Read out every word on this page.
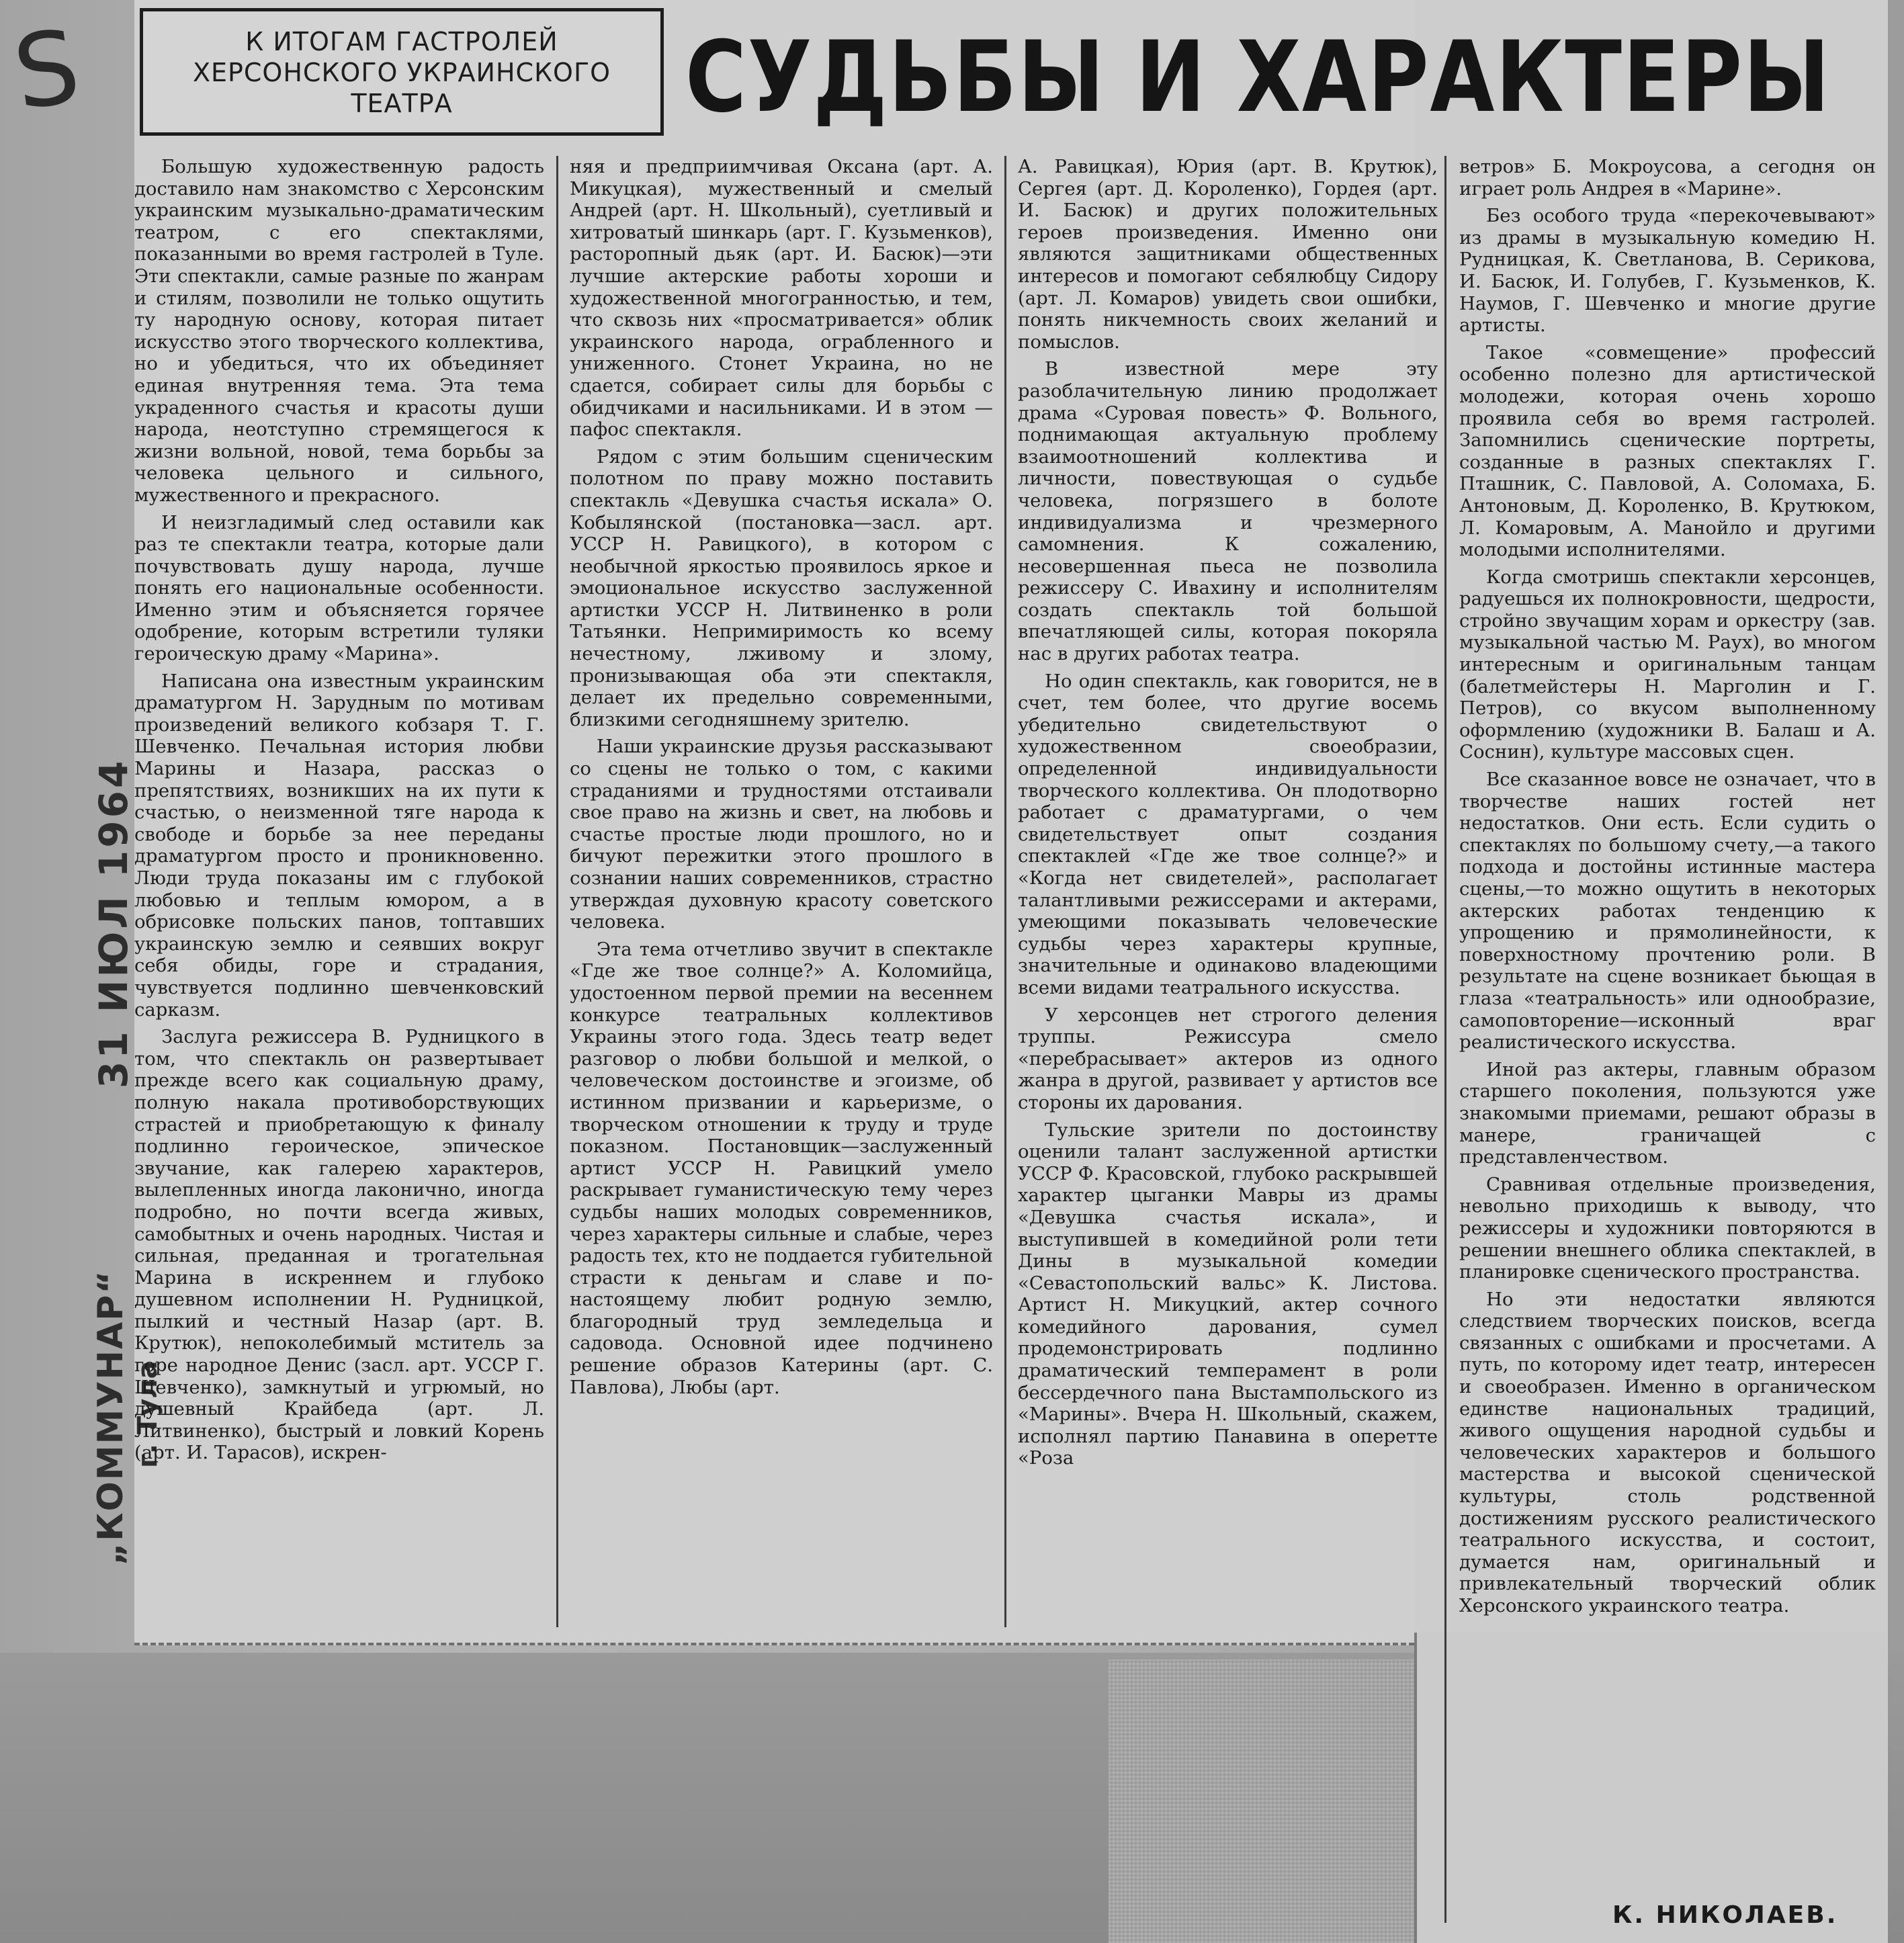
S
„КОММУНАР“ г. Тула
31 ИЮЛ 1964
К ИТОГАМ ГАСТРОЛЕЙ
ХЕРСОНСКОГО УКРАИНСКОГО
ТЕАТРА	СУДЬБЫ И ХАРАКТЕРЫ

Большую художественную радость доставило нам знакомство с Херсонским украинским музыкально-драматическим театром, с его спектаклями, показанными во время гастролей в Туле. Эти спектакли, самые разные по жанрам и стилям, позволили не только ощутить ту народную основу, которая питает искусство этого творческого коллектива, но и убедиться, что их объединяет единая внутренняя тема. Эта тема украденного счастья и красоты души народа, неотступно стремящегося к жизни вольной, новой, тема борьбы за человека цельного и сильного, мужественного и прекрасного.

И неизгладимый след оставили как раз те спектакли театра, которые дали почувствовать душу народа, лучше понять его национальные особенности. Именно этим и объясняется горячее одобрение, которым встретили туляки героическую драму «Марина».

Написана она известным украинским драматургом Н. Зарудным по мотивам произведений великого кобзаря Т. Г. Шевченко. Печальная история любви Марины и Назара, рассказ о препятствиях, возникших на их пути к счастью, о неизменной тяге народа к свободе и борьбе за нее переданы драматургом просто и проникновенно. Люди труда показаны им с глубокой любовью и теплым юмором, а в обрисовке польских панов, топтавших украинскую землю и сеявших вокруг себя обиды, горе и страдания, чувствуется подлинно шевченковский сарказм.

Заслуга режиссера В. Рудницкого в том, что спектакль он развертывает прежде всего как социальную драму, полную накала противоборствующих страстей и приобретающую к финалу подлинно героическое, эпическое звучание, как галерею характеров, вылепленных иногда лаконично, иногда подробно, но почти всегда живых, самобытных и очень народных. Чистая и сильная, преданная и трогательная Марина в искреннем и глубоко душевном исполнении Н. Рудницкой, пылкий и честный Назар (арт. В. Крутюк), непоколебимый мститель за горе народное Денис (засл. арт. УССР Г. Шевченко), замкнутый и угрюмый, но душевный Крайбеда (арт. Л. Литвиненко), быстрый и ловкий Корень (арт. И. Тарасов), искрен-

няя и предприимчивая Оксана (арт. А. Микуцкая), мужественный и смелый Андрей (арт. Н. Школьный), суетливый и хитроватый шинкарь (арт. Г. Кузьменков), расторопный дьяк (арт. И. Басюк)—эти лучшие актерские работы хороши и художественной многогранностью, и тем, что сквозь них «просматривается» облик украинского народа, ограбленного и униженного. Стонет Украина, но не сдается, собирает силы для борьбы с обидчиками и насильниками. И в этом — пафос спектакля.

Рядом с этим большим сценическим полотном по праву можно поставить спектакль «Девушка счастья искала» О. Кобылянской (постановка—засл. арт. УССР Н. Равицкого), в котором с необычной яркостью проявилось яркое и эмоциональное искусство заслуженной артистки УССР Н. Литвиненко в роли Татьянки. Непримиримость ко всему нечестному, лживому и злому, пронизывающая оба эти спектакля, делает их предельно современными, близкими сегодняшнему зрителю.

Наши украинские друзья рассказывают со сцены не только о том, с какими страданиями и трудностями отстаивали свое право на жизнь и свет, на любовь и счастье простые люди прошлого, но и бичуют пережитки этого прошлого в сознании наших современников, страстно утверждая духовную красоту советского человека.

Эта тема отчетливо звучит в спектакле «Где же твое солнце?» А. Коломийца, удостоенном первой премии на весеннем конкурсе театральных коллективов Украины этого года. Здесь театр ведет разговор о любви большой и мелкой, о человеческом достоинстве и эгоизме, об истинном призвании и карьеризме, о творческом отношении к труду и труде показном. Постановщик—заслуженный артист УССР Н. Равицкий умело раскрывает гуманистическую тему через судьбы наших молодых современников, через характеры сильные и слабые, через радость тех, кто не поддается губительной страсти к деньгам и славе и по-настоящему любит родную землю, благородный труд земледельца и садовода. Основной идее подчинено решение образов Катерины (арт. С. Павлова), Любы (арт.

А. Равицкая), Юрия (арт. В. Крутюк), Сергея (арт. Д. Короленко), Гордея (арт. И. Басюк) и других положительных героев произведения. Именно они являются защитниками общественных интересов и помогают себялюбцу Сидору (арт. Л. Комаров) увидеть свои ошибки, понять никчемность своих желаний и помыслов.

В известной мере эту разоблачительную линию продолжает драма «Суровая повесть» Ф. Вольного, поднимающая актуальную проблему взаимоотношений коллектива и личности, повествующая о судьбе человека, погрязшего в болоте индивидуализма и чрезмерного самомнения. К сожалению, несовершенная пьеса не позволила режиссеру С. Ивахину и исполнителям создать спектакль той большой впечатляющей силы, которая покоряла нас в других работах театра.

Но один спектакль, как говорится, не в счет, тем более, что другие восемь убедительно свидетельствуют о художественном своеобразии, определенной индивидуальности творческого коллектива. Он плодотворно работает с драматургами, о чем свидетельствует опыт создания спектаклей «Где же твое солнце?» и «Когда нет свидетелей», располагает талантливыми режиссерами и актерами, умеющими показывать человеческие судьбы через характеры крупные, значительные и одинаково владеющими всеми видами театрального искусства.

У херсонцев нет строгого деления труппы. Режиссура смело «перебрасывает» актеров из одного жанра в другой, развивает у артистов все стороны их дарования.

Тульские зрители по достоинству оценили талант заслуженной артистки УССР Ф. Красовской, глубоко раскрывшей характер цыганки Мавры из драмы «Девушка счастья искала», и выступившей в комедийной роли тети Дины в музыкальной комедии «Севастопольский вальс» К. Листова. Артист Н. Микуцкий, актер сочного комедийного дарования, сумел продемонстрировать подлинно драматический темперамент в роли бессердечного пана Выстампольского из «Марины». Вчера Н. Школьный, скажем, исполнял партию Панавина в оперетте «Роза

ветров» Б. Мокроусова, а сегодня он играет роль Андрея в «Марине».

Без особого труда «перекочевывают» из драмы в музыкальную комедию Н. Рудницкая, К. Светланова, В. Серикова, И. Басюк, И. Голубев, Г. Кузьменков, К. Наумов, Г. Шевченко и многие другие артисты.

Такое «совмещение» профессий особенно полезно для артистической молодежи, которая очень хорошо проявила себя во время гастролей. Запомнились сценические портреты, созданные в разных спектаклях Г. Пташник, С. Павловой, А. Соломаха, Б. Антоновым, Д. Короленко, В. Крутюком, Л. Комаровым, А. Манойло и другими молодыми исполнителями.

Когда смотришь спектакли херсонцев, радуешься их полнокровности, щедрости, стройно звучащим хорам и оркестру (зав. музыкальной частью М. Раух), во многом интересным и оригинальным танцам (балетмейстеры Н. Марголин и Г. Петров), со вкусом выполненному оформлению (художники В. Балаш и А. Соснин), культуре массовых сцен.

Все сказанное вовсе не означает, что в творчестве наших гостей нет недостатков. Они есть. Если судить о спектаклях по большому счету,—а такого подхода и достойны истинные мастера сцены,—то можно ощутить в некоторых актерских работах тенденцию к упрощению и прямолинейности, к поверхностному прочтению роли. В результате на сцене возникает бьющая в глаза «театральность» или однообразие, самоповторение—исконный враг реалистического искусства.

Иной раз актеры, главным образом старшего поколения, пользуются уже знакомыми приемами, решают образы в манере, граничащей с представленчеством.

Сравнивая отдельные произведения, невольно приходишь к выводу, что режиссеры и художники повторяются в решении внешнего облика спектаклей, в планировке сценического пространства.

Но эти недостатки являются следствием творческих поисков, всегда связанных с ошибками и просчетами. А путь, по которому идет театр, интересен и своеобразен. Именно в органическом единстве национальных традиций, живого ощущения народной судьбы и человеческих характеров и большого мастерства и высокой сценической культуры, столь родственной достижениям русского реалистического театрального искусства, и состоит, думается нам, оригинальный и привлекательный творческий облик Херсонского украинского театра.

К. НИКОЛАЕВ.
